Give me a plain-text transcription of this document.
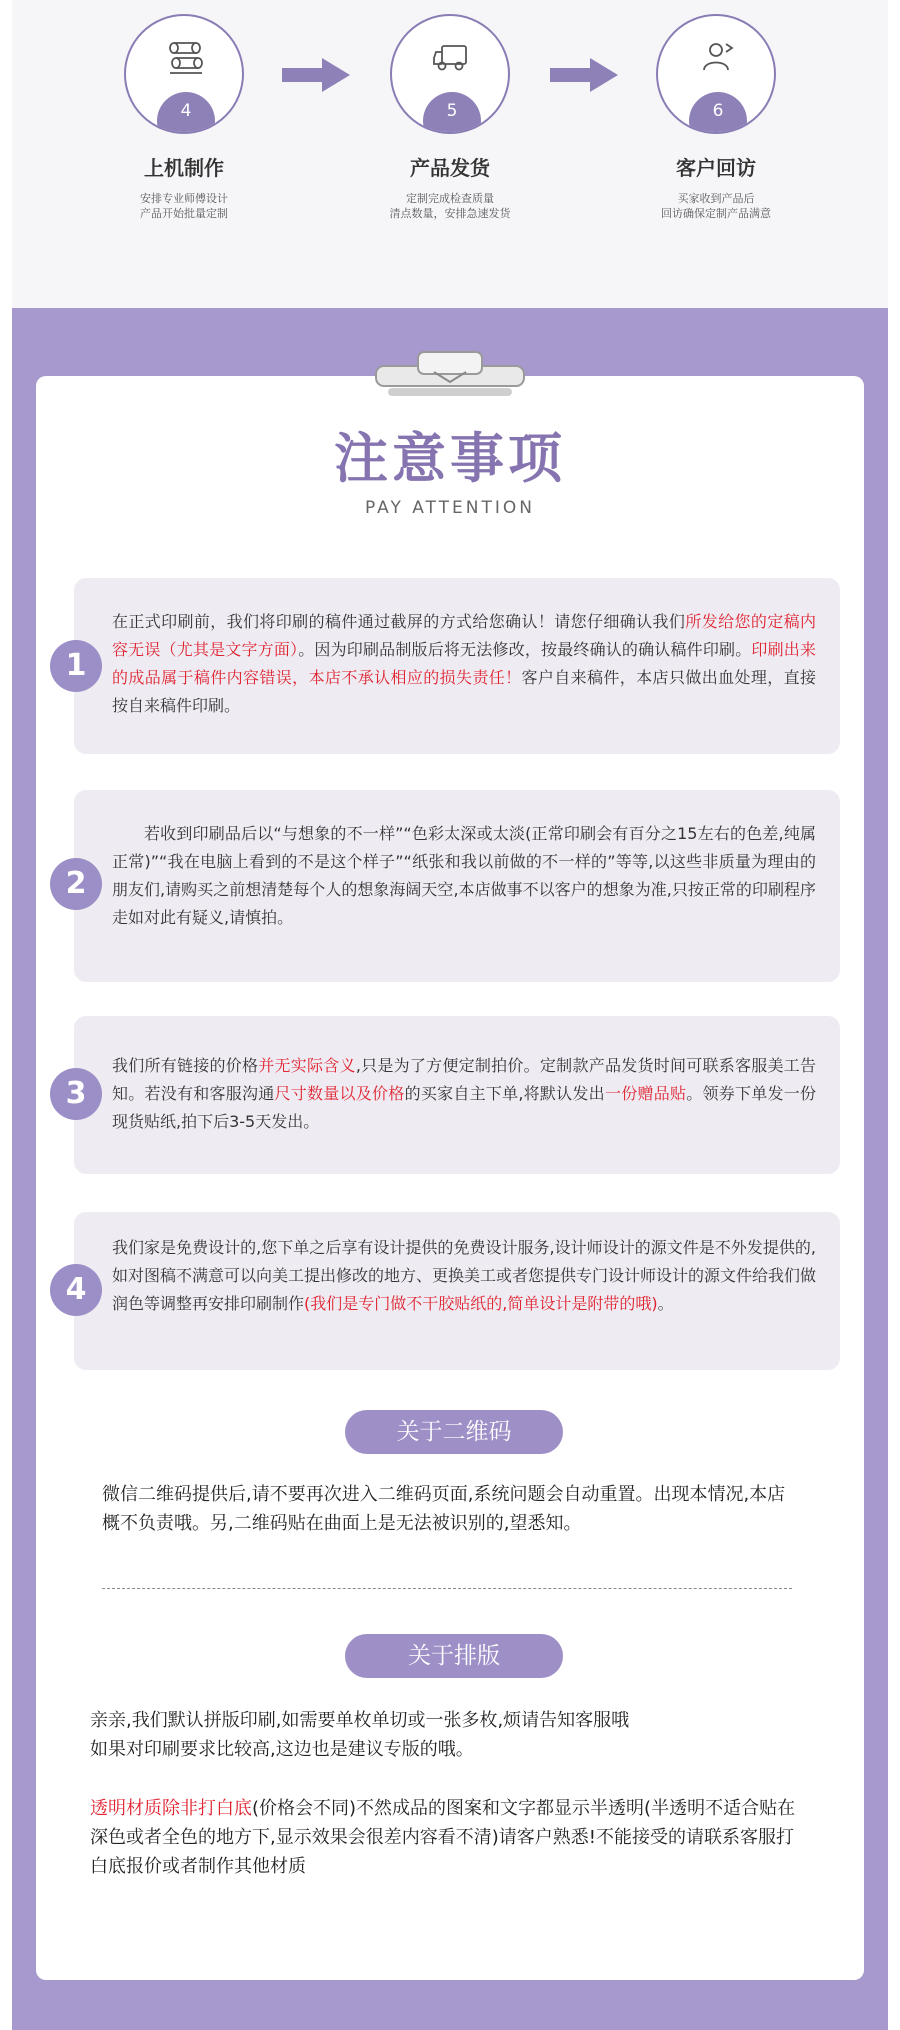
4
上机制作
安排专业师傅设计
产品开始批量定制
5
产品发货
定制完成检查质量
清点数量，安排急速发货
6
客户回访
买家收到产品后
回访确保定制产品满意
注意事项
PAY ATTENTION
1
在正式印刷前，我们将印刷的稿件通过截屏的方式给您确认！请您仔细确认我们所发给您的定稿内容无误（尤其是文字方面）。因为印刷品制版后将无法修改，按最终确认的确认稿件印刷。印刷出来的成品属于稿件内容错误，本店不承认相应的损失责任！客户自来稿件，本店只做出血处理，直接按自来稿件印刷。
2
若收到印刷品后以“与想象的不一样”“色彩太深或太淡(正常印刷会有百分之15左右的色差,纯属正常)”“我在电脑上看到的不是这个样子”“纸张和我以前做的不一样的”等等,以这些非质量为理由的朋友们,请购买之前想清楚每个人的想象海阔天空,本店做事不以客户的想象为准,只按正常的印刷程序走如对此有疑义,请慎拍。
3
我们所有链接的价格并无实际含义,只是为了方便定制拍价。定制款产品发货时间可联系客服美工告知。若没有和客服沟通尺寸数量以及价格的买家自主下单,将默认发出一份赠品贴。领券下单发一份现货贴纸,拍下后3-5天发出。
4
我们家是免费设计的,您下单之后享有设计提供的免费设计服务,设计师设计的源文件是不外发提供的,如对图稿不满意可以向美工提出修改的地方、更换美工或者您提供专门设计师设计的源文件给我们做润色等调整再安排印刷制作(我们是专门做不干胶贴纸的,简单设计是附带的哦)。
关于二维码
微信二维码提供后,请不要再次进入二维码页面,系统问题会自动重置。出现本情况,本店概不负责哦。另,二维码贴在曲面上是无法被识别的,望悉知。
关于排版
亲亲,我们默认拼版印刷,如需要单枚单切或一张多枚,烦请告知客服哦
如果对印刷要求比较高,这边也是建议专版的哦。
透明材质除非打白底(价格会不同)不然成品的图案和文字都显示半透明(半透明不适合贴在深色或者全色的地方下,显示效果会很差内容看不清)请客户熟悉!不能接受的请联系客服打白底报价或者制作其他材质
